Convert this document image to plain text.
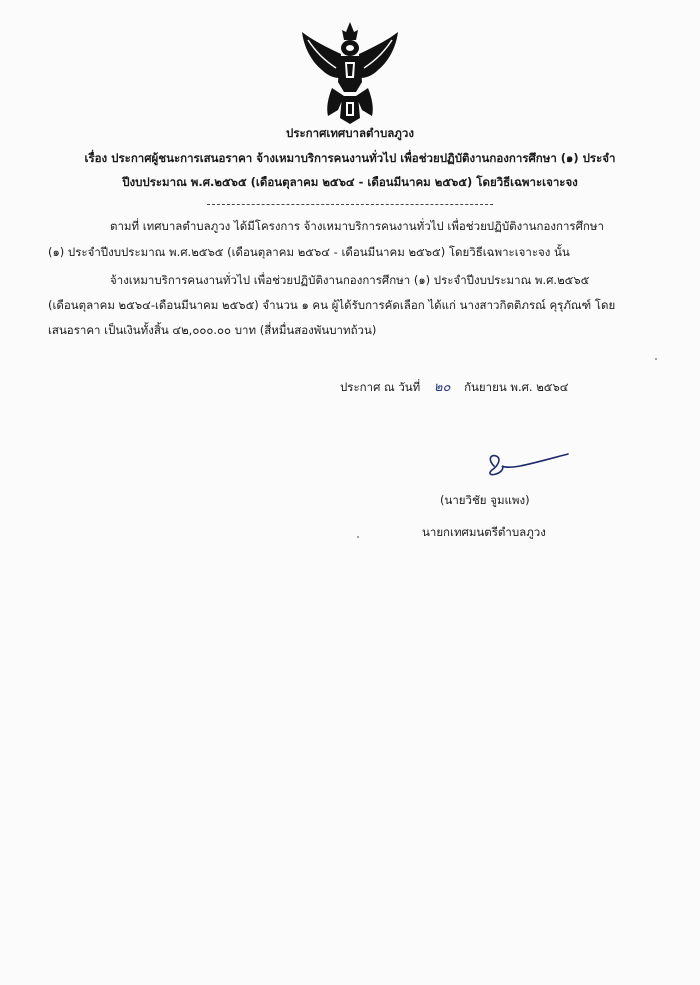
ประกาศเทศบาลตำบลภูวง
เรื่อง ประกาศผู้ชนะการเสนอราคา จ้างเหมาบริการคนงานทั่วไป เพื่อช่วยปฏิบัติงานกองการศึกษา (๑) ประจำ
ปีงบประมาณ พ.ศ.๒๕๖๕ (เดือนตุลาคม ๒๕๖๔ - เดือนมีนาคม ๒๕๖๕) โดยวิธีเฉพาะเจาะจง
ตามที่ เทศบาลตำบลภูวง ได้มีโครงการ จ้างเหมาบริการคนงานทั่วไป เพื่อช่วยปฏิบัติงานกองการศึกษา
(๑) ประจำปีงบประมาณ พ.ศ.๒๕๖๕ (เดือนตุลาคม ๒๕๖๔ - เดือนมีนาคม ๒๕๖๕) โดยวิธีเฉพาะเจาะจง นั้น
จ้างเหมาบริการคนงานทั่วไป เพื่อช่วยปฏิบัติงานกองการศึกษา (๑) ประจำปีงบประมาณ พ.ศ.๒๕๖๕
(เดือนตุลาคม ๒๕๖๔-เดือนมีนาคม ๒๕๖๕) จำนวน ๑ คน ผู้ได้รับการคัดเลือก ได้แก่ นางสาวกิตติภรณ์ คุรุภัณฑ์ โดย
เสนอราคา เป็นเงินทั้งสิ้น ๔๒,๐๐๐.๐๐ บาท (สี่หมื่นสองพันบาทถ้วน)
ประกาศ ณ วันที่ ๒๐ กันยายน พ.ศ. ๒๕๖๔
(นายวิชัย จูมแพง)
นายกเทศมนตรีตำบลภูวง
